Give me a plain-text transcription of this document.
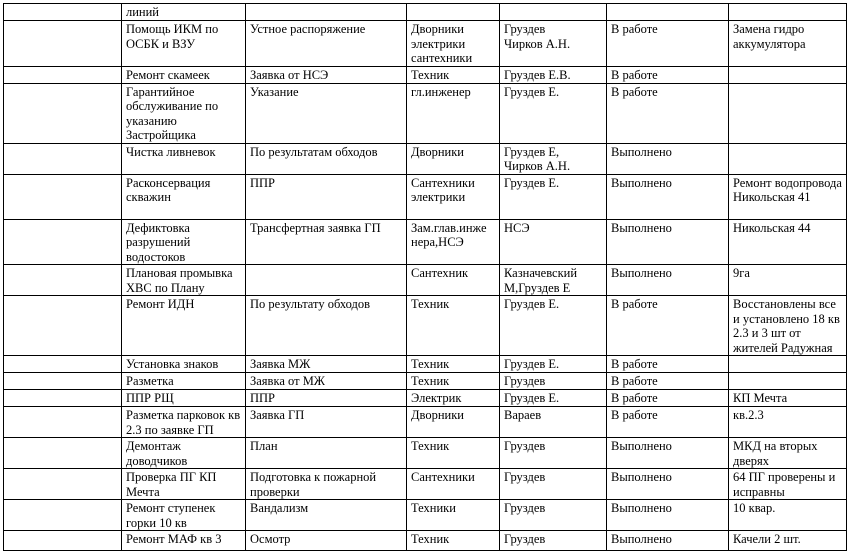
	линий					
	Помощь ИКМ по ОСБК и ВЗУ	Устное распоряжение	Дворники
электрики
сантехники	Груздев
Чирков А.Н.	В работе	Замена гидро аккумулятора
	Ремонт скамеек	Заявка от НСЭ	Техник	Груздев Е.В.	В работе	
	Гарантийное обслуживание по указанию Застройщика	Указание	гл.инженер	Груздев Е.	В работе	
	Чистка ливневок	По результатам обходов	Дворники	Груздев Е,
Чирков А.Н.	Выполнено	
	Расконсервация скважин	ППР	Сантехники
электрики	Груздев Е.	Выполнено	Ремонт водопровода Никольская 41
	Дефиктовка разрушений водостоков	Трансфертная заявка ГП	Зам.глав.инже
нера,НСЭ	НСЭ	Выполнено	Никольская 44
	Плановая промывка ХВС по Плану		Сантехник	Казначевский
М,Груздев Е	Выполнено	9га
	Ремонт ИДН	По результату обходов	Техник	Груздев Е.	В работе	Восстановлены все и установлено 18 кв 2.3 и 3 шт от жителей Радужная
	Установка знаков	Заявка МЖ	Техник	Груздев Е.	В работе	
	Разметка	Заявка от МЖ	Техник	Груздев	В работе	
	ППР РЩ	ППР	Электрик	Груздев Е.	В работе	КП Мечта
	Разметка парковок кв 2.3 по заявке ГП	Заявка ГП	Дворники	Вараев	В работе	кв.2.3
	Демонтаж доводчиков	План	Техник	Груздев	Выполнено	МКД на вторых дверях
	Проверка ПГ КП Мечта	Подготовка к пожарной проверки	Сантехники	Груздев	Выполнено	64 ПГ проверены и исправны
	Ремонт ступенек горки 10 кв	Вандализм	Техники	Груздев	Выполнено	10 квар.
	Ремонт МАФ кв 3	Осмотр	Техник	Груздев	Выполнено	Качели 2 шт.
